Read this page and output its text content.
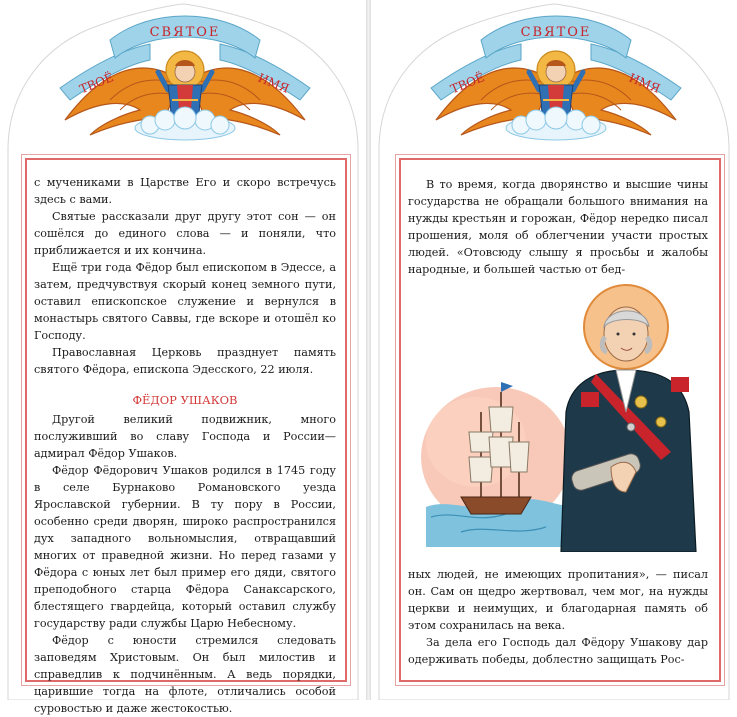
СВЯТОЕ
ТВОЁ	ИМЯ

с мучениками в Царстве Его и скоро встречусь здесь с вами.

Святые рассказали друг другу этот сон — он сошёлся до единого слова — и поняли, что приближается и их кончина.

Ещё три года Фёдор был епископом в Эдессе, а затем, предчувствуя скорый конец земного пути, оставил епископское служение и вернулся в монастырь святого Саввы, где вскоре и отошёл ко Господу.

Православная Церковь празднует память святого Фёдора, епископа Эдесского, 22 июля.

ФЁДОР УШАКОВ

Другой великий подвижник, много послуживший во славу Господа и России— адмирал Фёдор Ушаков.

Фёдор Фёдорович Ушаков родился в 1745 году в селе Бурнаково Романовского уезда Ярославской губернии. В ту пору в России, особенно среди дворян, широко распространился дух западного вольномыслия, отвращавший многих от праведной жизни. Но перед газами у Фёдора с юных лет был пример его дяди, святого преподобного старца Фёдора Санаксарского, блестящего гвардейца, который оставил службу государству ради службы Царю Небесному.

Фёдор с юности стремился следовать заповедям Христовым. Он был милостив и справедлив к подчинённым. А ведь порядки, царившие тогда на флоте, отличались особой суровостью и даже жестокостью.

СВЯТОЕ
ТВОЁ	ИМЯ

В то время, когда дворянство и высшие чины государства не обращали большого внимания на нужды крестьян и горожан, Фёдор нередко писал прошения, моля об облегчении участи простых людей. «Отовсюду слышу я просьбы и жалобы народные, и большей частью от бед-

ных людей, не имеющих пропитания», — писал он. Сам он щедро жертвовал, чем мог, на нужды церкви и неимущих, и благодарная память об этом сохранилась на века.

За дела его Господь дал Фёдору Ушакову дар одерживать победы, доблестно защищать Рос-
